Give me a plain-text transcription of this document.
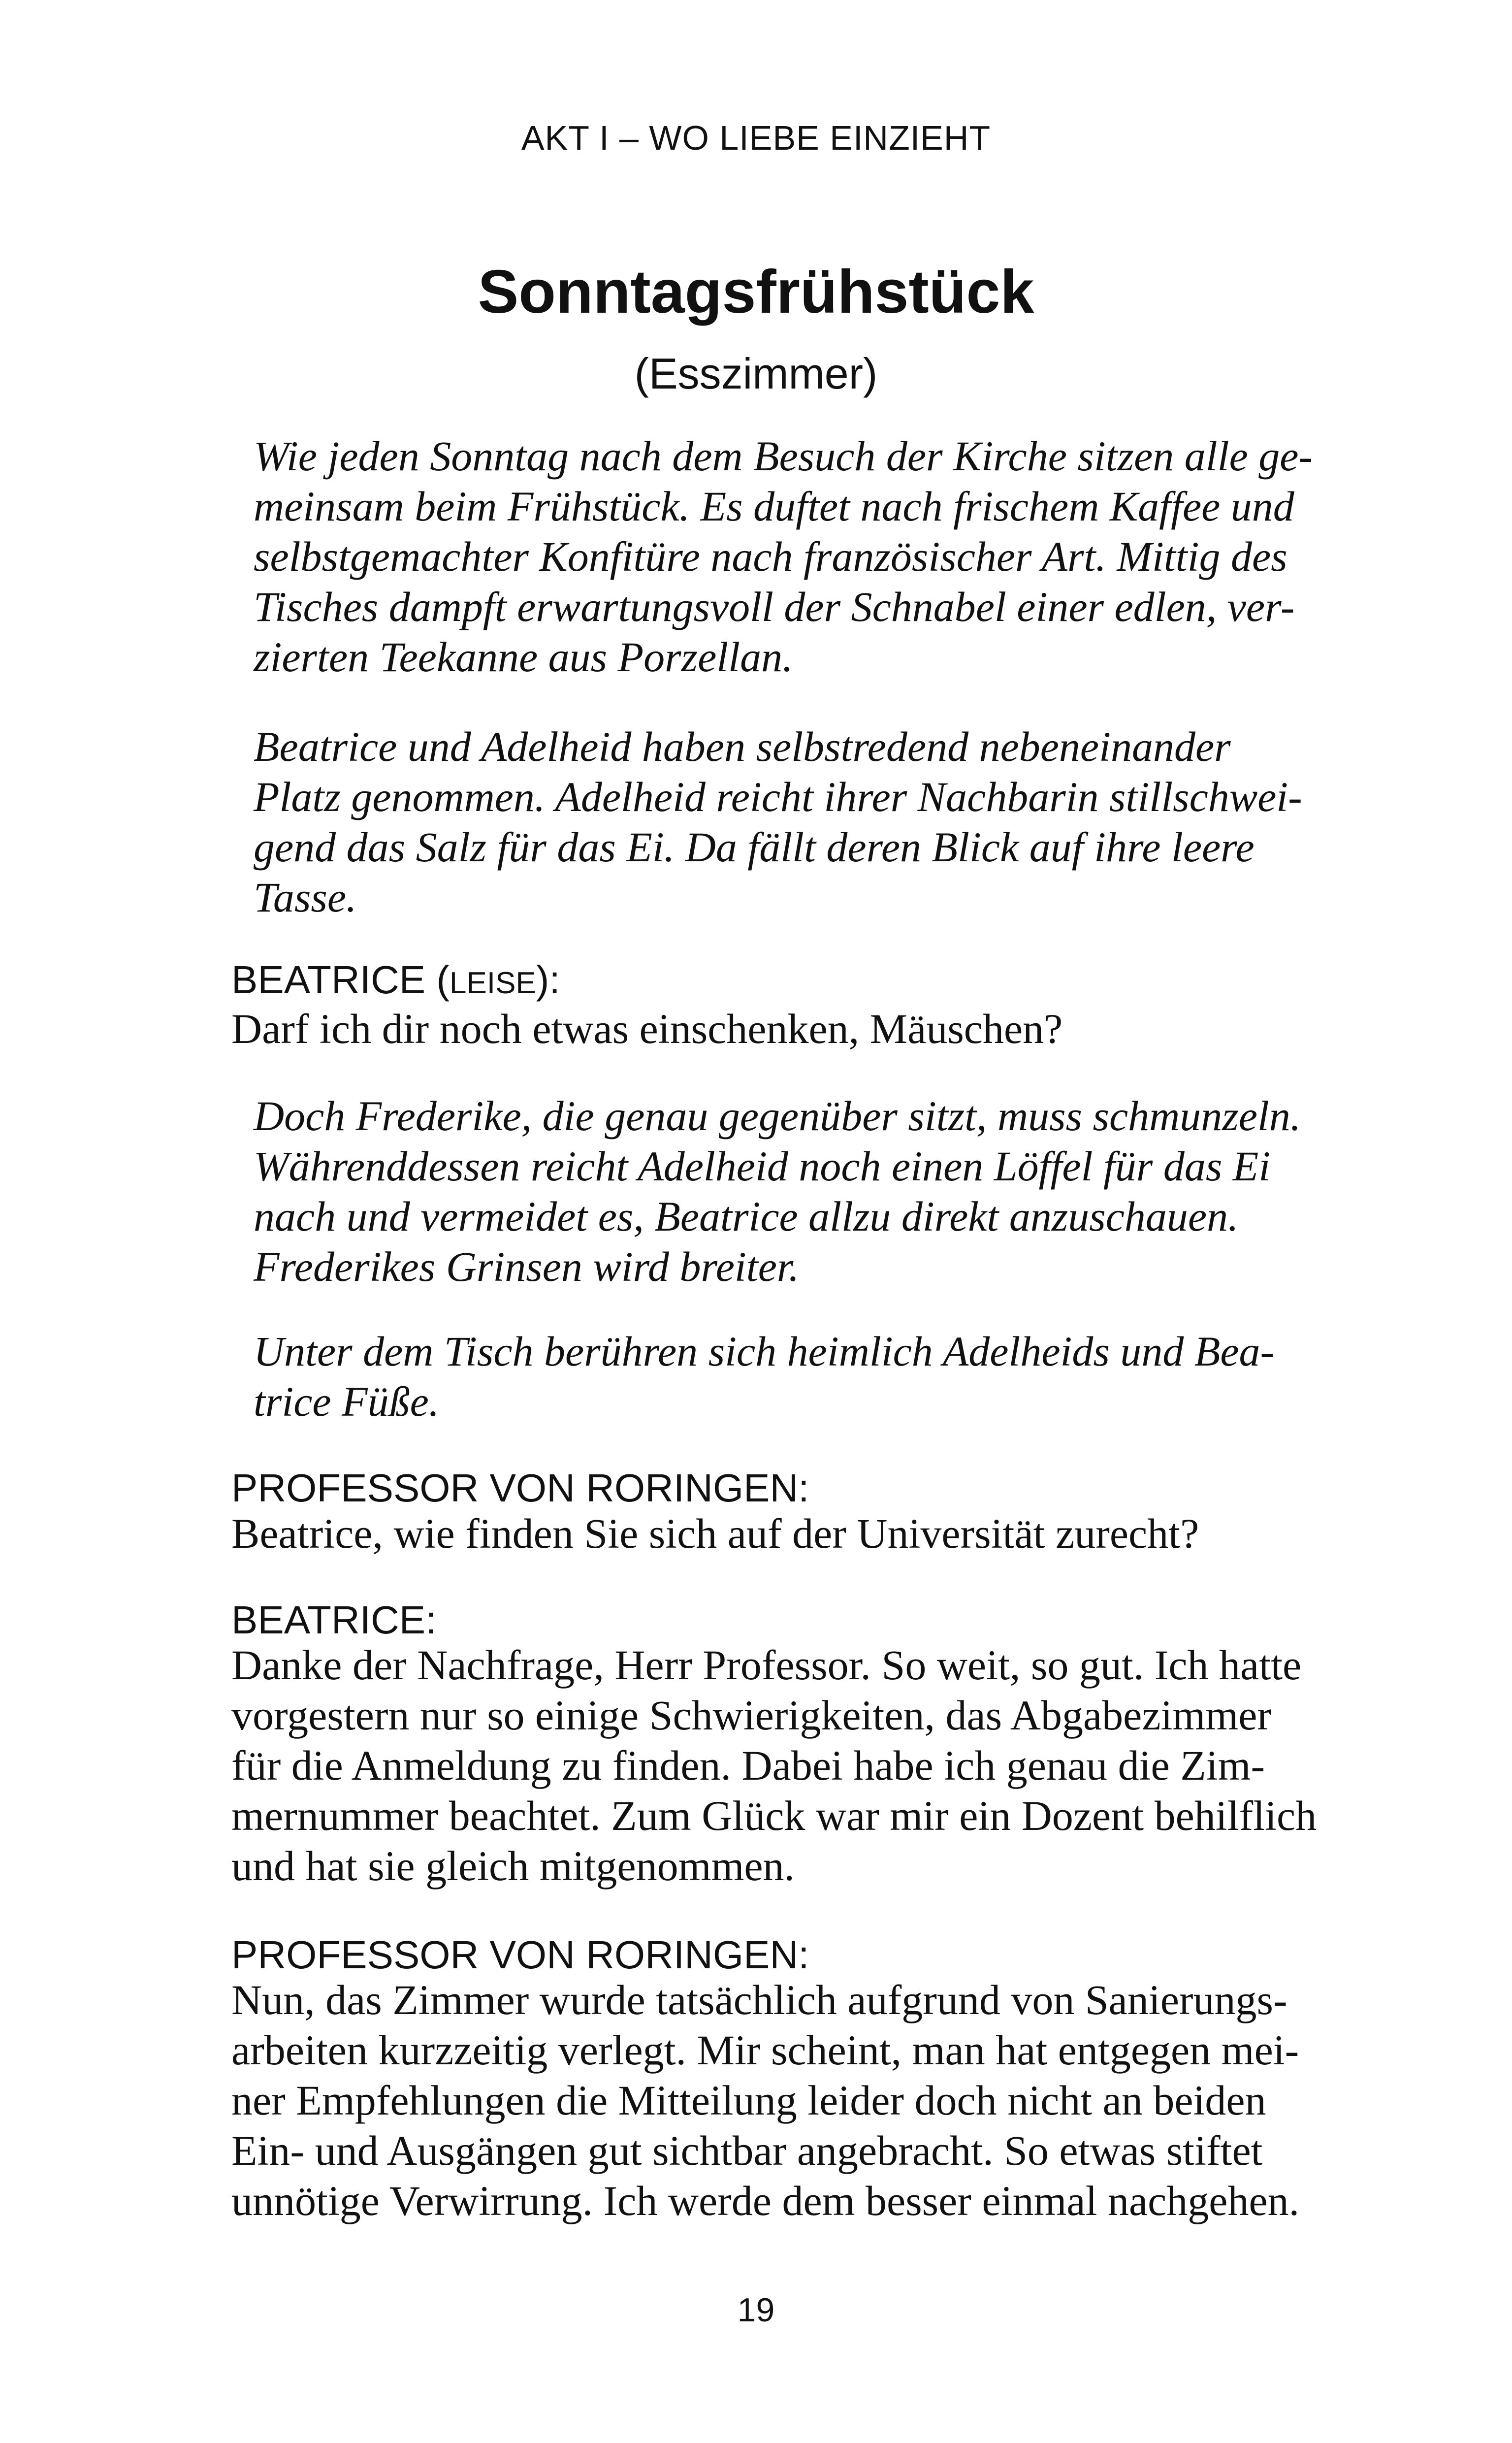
AKT I – WO LIEBE EINZIEHT
Sonntagsfrühstück
(Esszimmer)

Wie jeden Sonntag nach dem Besuch der Kirche sitzen alle ge-
meinsam beim Frühstück. Es duftet nach frischem Kaffee und
selbstgemachter Konfitüre nach französischer Art. Mittig des
Tisches dampft erwartungsvoll der Schnabel einer edlen, ver-
zierten Teekanne aus Porzellan.

Beatrice und Adelheid haben selbstredend nebeneinander
Platz genommen. Adelheid reicht ihrer Nachbarin stillschwei-
gend das Salz für das Ei. Da fällt deren Blick auf ihre leere
Tasse.

BEATRICE (LEISE):

Darf ich dir noch etwas einschenken, Mäuschen?

Doch Frederike, die genau gegenüber sitzt, muss schmunzeln.
Währenddessen reicht Adelheid noch einen Löffel für das Ei
nach und vermeidet es, Beatrice allzu direkt anzuschauen.
Frederikes Grinsen wird breiter.

Unter dem Tisch berühren sich heimlich Adelheids und Bea-
trice Füße.

PROFESSOR VON RORINGEN:

Beatrice, wie finden Sie sich auf der Universität zurecht?

BEATRICE:

Danke der Nachfrage, Herr Professor. So weit, so gut. Ich hatte
vorgestern nur so einige Schwierigkeiten, das Abgabezimmer
für die Anmeldung zu finden. Dabei habe ich genau die Zim-
mernummer beachtet. Zum Glück war mir ein Dozent behilflich
und hat sie gleich mitgenommen.

PROFESSOR VON RORINGEN:

Nun, das Zimmer wurde tatsächlich aufgrund von Sanierungs-
arbeiten kurzzeitig verlegt. Mir scheint, man hat entgegen mei-
ner Empfehlungen die Mitteilung leider doch nicht an beiden
Ein- und Ausgängen gut sichtbar angebracht. So etwas stiftet
unnötige Verwirrung. Ich werde dem besser einmal nachgehen.

19
